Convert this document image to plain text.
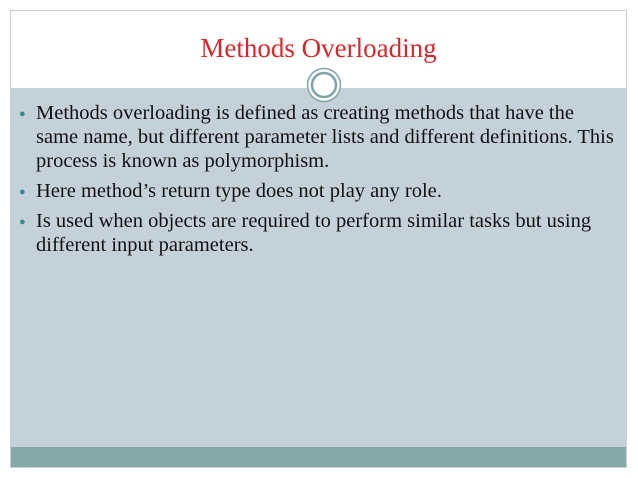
Methods Overloading
● Methods overloading is defined as creating methods that have the same name, but different parameter lists and different definitions. This process is known as polymorphism.
● Here method’s return type does not play any role.
● Is used when objects are required to perform similar tasks but using different input parameters.
